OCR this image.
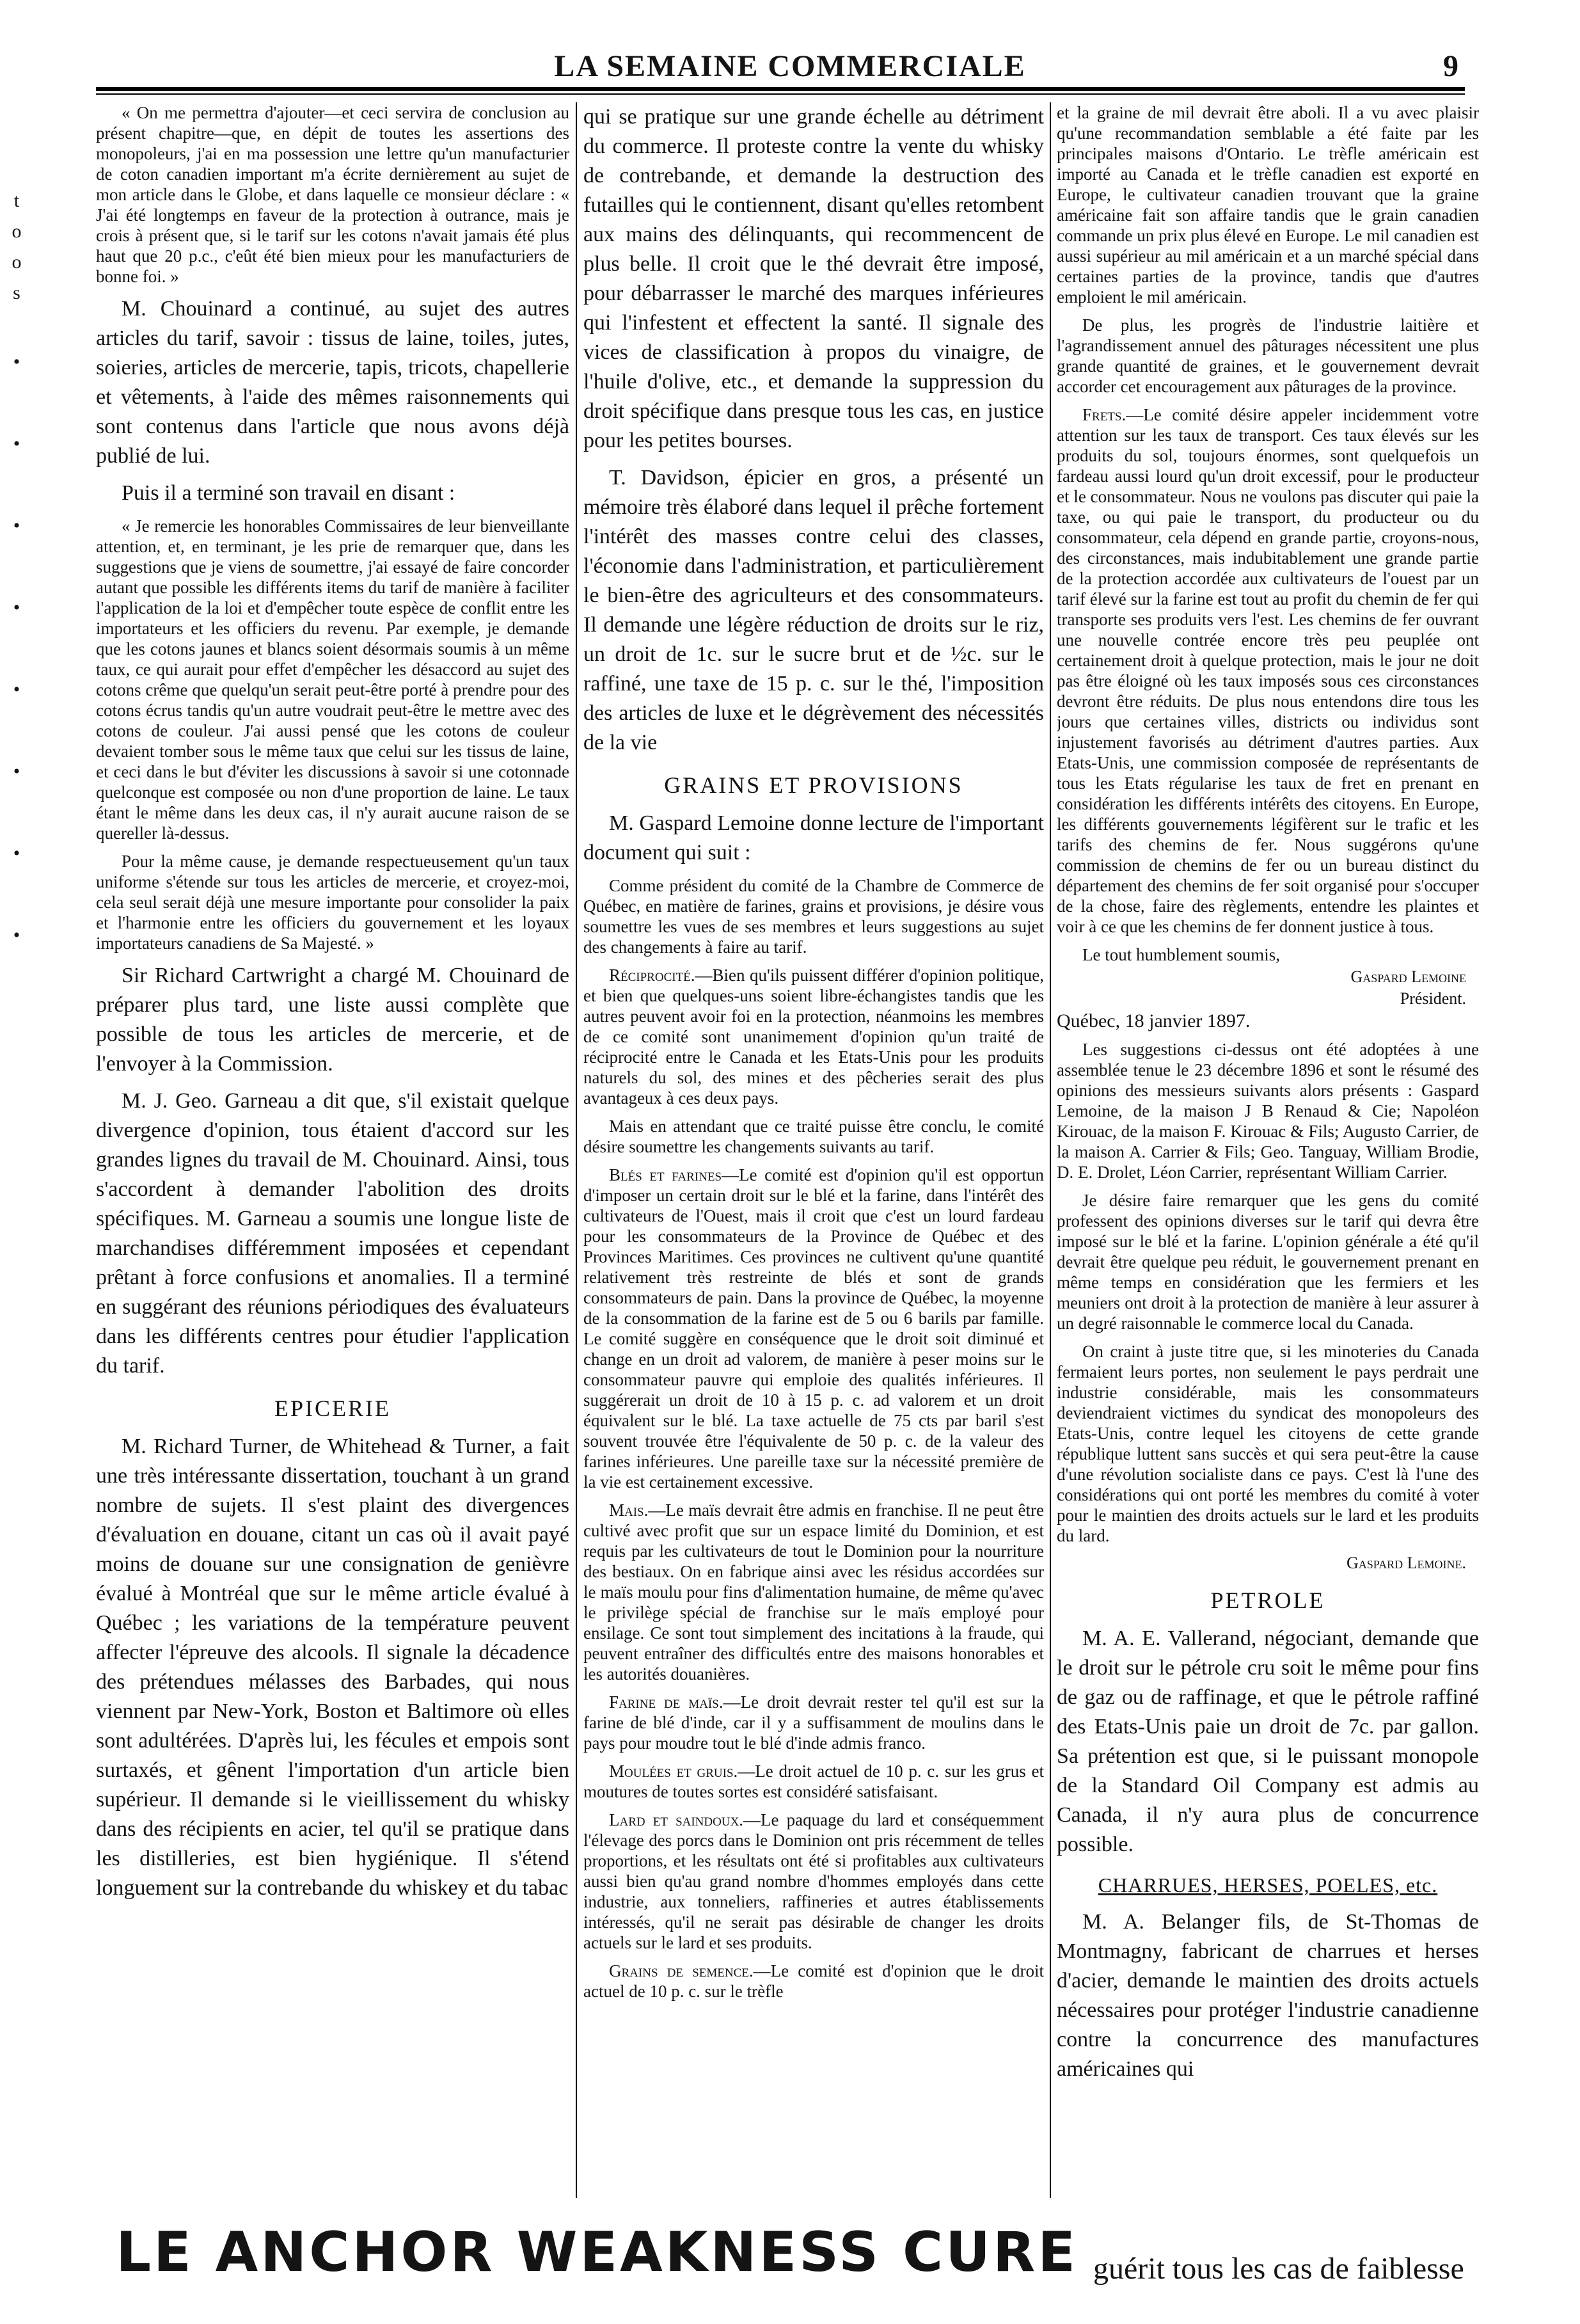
LA SEMAINE COMMERCIALE	9
t
o
o
s
•
•
•
•
•
•
•
•

« On me permettra d'ajouter—et ceci servira de conclusion au présent chapitre—que, en dépit de toutes les assertions des monopoleurs, j'ai en ma possession une lettre qu'un manufacturier de coton canadien important m'a écrite dernièrement au sujet de mon article dans le Globe, et dans laquelle ce monsieur déclare : « J'ai été longtemps en faveur de la protection à outrance, mais je crois à présent que, si le tarif sur les cotons n'avait jamais été plus haut que 20 p.c., c'eût été bien mieux pour les manufacturiers de bonne foi. »

M. Chouinard a continué, au sujet des autres articles du tarif, savoir : tissus de laine, toiles, jutes, soieries, articles de mercerie, tapis, tricots, chapellerie et vêtements, à l'aide des mêmes raisonnements qui sont contenus dans l'article que nous avons déjà publié de lui.

Puis il a terminé son travail en disant :

« Je remercie les honorables Commissaires de leur bienveillante attention, et, en terminant, je les prie de remarquer que, dans les suggestions que je viens de soumettre, j'ai essayé de faire concorder autant que possible les différents items du tarif de manière à faciliter l'application de la loi et d'empêcher toute espèce de conflit entre les importateurs et les officiers du revenu. Par exemple, je demande que les cotons jaunes et blancs soient désormais soumis à un même taux, ce qui aurait pour effet d'empêcher les désaccord au sujet des cotons crême que quelqu'un serait peut-être porté à prendre pour des cotons écrus tandis qu'un autre voudrait peut-être le mettre avec des cotons de couleur. J'ai aussi pensé que les cotons de couleur devaient tomber sous le même taux que celui sur les tissus de laine, et ceci dans le but d'éviter les discussions à savoir si une cotonnade quelconque est composée ou non d'une proportion de laine. Le taux étant le même dans les deux cas, il n'y aurait aucune raison de se quereller là-dessus.

Pour la même cause, je demande respectueusement qu'un taux uniforme s'étende sur tous les articles de mercerie, et croyez-moi, cela seul serait déjà une mesure importante pour consolider la paix et l'harmonie entre les officiers du gouvernement et les loyaux importateurs canadiens de Sa Majesté. »

Sir Richard Cartwright a chargé M. Chouinard de préparer plus tard, une liste aussi complète que possible de tous les articles de mercerie, et de l'envoyer à la Commission.

M. J. Geo. Garneau a dit que, s'il existait quelque divergence d'opinion, tous étaient d'accord sur les grandes lignes du travail de M. Chouinard. Ainsi, tous s'accordent à demander l'abolition des droits spécifiques. M. Garneau a soumis une longue liste de marchandises différemment imposées et cependant prêtant à force confusions et anomalies. Il a terminé en suggérant des réunions périodiques des évaluateurs dans les différents centres pour étudier l'application du tarif.

EPICERIE

M. Richard Turner, de Whitehead & Turner, a fait une très intéressante dissertation, touchant à un grand nombre de sujets. Il s'est plaint des divergences d'évaluation en douane, citant un cas où il avait payé moins de douane sur une consignation de genièvre évalué à Montréal que sur le même article évalué à Québec ; les variations de la température peuvent affecter l'épreuve des alcools. Il signale la décadence des prétendues mélasses des Barbades, qui nous viennent par New-York, Boston et Baltimore où elles sont adultérées. D'après lui, les fécules et empois sont surtaxés, et gênent l'importation d'un article bien supérieur. Il demande si le vieillissement du whisky dans des récipients en acier, tel qu'il se pratique dans les distilleries, est bien hygiénique. Il s'étend longuement sur la contrebande du whiskey et du tabac

qui se pratique sur une grande échelle au détriment du commerce. Il proteste contre la vente du whisky de contrebande, et demande la destruction des futailles qui le contiennent, disant qu'elles retombent aux mains des délinquants, qui recommencent de plus belle. Il croit que le thé devrait être imposé, pour débarrasser le marché des marques inférieures qui l'infestent et effectent la santé. Il signale des vices de classification à propos du vinaigre, de l'huile d'olive, etc., et demande la suppression du droit spécifique dans presque tous les cas, en justice pour les petites bourses.

T. Davidson, épicier en gros, a présenté un mémoire très élaboré dans lequel il prêche fortement l'intérêt des masses contre celui des classes, l'économie dans l'administration, et particulièrement le bien-être des agriculteurs et des consommateurs. Il demande une légère réduction de droits sur le riz, un droit de 1c. sur le sucre brut et de ½c. sur le raffiné, une taxe de 15 p. c. sur le thé, l'imposition des articles de luxe et le dégrèvement des nécessités de la vie

GRAINS ET PROVISIONS

M. Gaspard Lemoine donne lecture de l'important document qui suit :

Comme président du comité de la Chambre de Commerce de Québec, en matière de farines, grains et provisions, je désire vous soumettre les vues de ses membres et leurs suggestions au sujet des changements à faire au tarif.

Réciprocité.—Bien qu'ils puissent différer d'opinion politique, et bien que quelques-uns soient libre-échangistes tandis que les autres peuvent avoir foi en la protection, néanmoins les membres de ce comité sont unanimement d'opinion qu'un traité de réciprocité entre le Canada et les Etats-Unis pour les produits naturels du sol, des mines et des pêcheries serait des plus avantageux à ces deux pays.

Mais en attendant que ce traité puisse être conclu, le comité désire soumettre les changements suivants au tarif.

Blés et farines—Le comité est d'opinion qu'il est opportun d'imposer un certain droit sur le blé et la farine, dans l'intérêt des cultivateurs de l'Ouest, mais il croit que c'est un lourd fardeau pour les consommateurs de la Province de Québec et des Provinces Maritimes. Ces provinces ne cultivent qu'une quantité relativement très restreinte de blés et sont de grands consommateurs de pain. Dans la province de Québec, la moyenne de la consommation de la farine est de 5 ou 6 barils par famille. Le comité suggère en conséquence que le droit soit diminué et change en un droit ad valorem, de manière à peser moins sur le consommateur pauvre qui emploie des qualités inférieures. Il suggérerait un droit de 10 à 15 p. c. ad valorem et un droit équivalent sur le blé. La taxe actuelle de 75 cts par baril s'est souvent trouvée être l'équivalente de 50 p. c. de la valeur des farines inférieures. Une pareille taxe sur la nécessité première de la vie est certainement excessive.

Mais.—Le maïs devrait être admis en franchise. Il ne peut être cultivé avec profit que sur un espace limité du Dominion, et est requis par les cultivateurs de tout le Dominion pour la nourriture des bestiaux. On en fabrique ainsi avec les résidus accordées sur le maïs moulu pour fins d'alimentation humaine, de même qu'avec le privilège spécial de franchise sur le maïs employé pour ensilage. Ce sont tout simplement des incitations à la fraude, qui peuvent entraîner des difficultés entre des maisons honorables et les autorités douanières.

Farine de maïs.—Le droit devrait rester tel qu'il est sur la farine de blé d'inde, car il y a suffisamment de moulins dans le pays pour moudre tout le blé d'inde admis franco.

Moulées et gruis.—Le droit actuel de 10 p. c. sur les grus et moutures de toutes sortes est considéré satisfaisant.

Lard et saindoux.—Le paquage du lard et conséquemment l'élevage des porcs dans le Dominion ont pris récemment de telles proportions, et les résultats ont été si profitables aux cultivateurs aussi bien qu'au grand nombre d'hommes employés dans cette industrie, aux tonneliers, raffineries et autres établissements intéressés, qu'il ne serait pas désirable de changer les droits actuels sur le lard et ses produits.

Grains de semence.—Le comité est d'opinion que le droit actuel de 10 p. c. sur le trèfle

et la graine de mil devrait être aboli. Il a vu avec plaisir qu'une recommandation semblable a été faite par les principales maisons d'Ontario. Le trèfle américain est importé au Canada et le trèfle canadien est exporté en Europe, le cultivateur canadien trouvant que la graine américaine fait son affaire tandis que le grain canadien commande un prix plus élevé en Europe. Le mil canadien est aussi supérieur au mil américain et a un marché spécial dans certaines parties de la province, tandis que d'autres emploient le mil américain.

De plus, les progrès de l'industrie laitière et l'agrandissement annuel des pâturages nécessitent une plus grande quantité de graines, et le gouvernement devrait accorder cet encouragement aux pâturages de la province.

Frets.—Le comité désire appeler incidemment votre attention sur les taux de transport. Ces taux élevés sur les produits du sol, toujours énormes, sont quelquefois un fardeau aussi lourd qu'un droit excessif, pour le producteur et le consommateur. Nous ne voulons pas discuter qui paie la taxe, ou qui paie le transport, du producteur ou du consommateur, cela dépend en grande partie, croyons-nous, des circonstances, mais indubitablement une grande partie de la protection accordée aux cultivateurs de l'ouest par un tarif élevé sur la farine est tout au profit du chemin de fer qui transporte ses produits vers l'est. Les chemins de fer ouvrant une nouvelle contrée encore très peu peuplée ont certainement droit à quelque protection, mais le jour ne doit pas être éloigné où les taux imposés sous ces circonstances devront être réduits. De plus nous entendons dire tous les jours que certaines villes, districts ou individus sont injustement favorisés au détriment d'autres parties. Aux Etats-Unis, une commission composée de représentants de tous les Etats régularise les taux de fret en prenant en considération les différents intérêts des citoyens. En Europe, les différents gouvernements légifèrent sur le trafic et les tarifs des chemins de fer. Nous suggérons qu'une commission de chemins de fer ou un bureau distinct du département des chemins de fer soit organisé pour s'occuper de la chose, faire des règlements, entendre les plaintes et voir à ce que les chemins de fer donnent justice à tous.

Le tout humblement soumis,

Gaspard Lemoine
Président.

Québec, 18 janvier 1897.

Les suggestions ci-dessus ont été adoptées à une assemblée tenue le 23 décembre 1896 et sont le résumé des opinions des messieurs suivants alors présents : Gaspard Lemoine, de la maison J B Renaud & Cie; Napoléon Kirouac, de la maison F. Kirouac & Fils; Augusto Carrier, de la maison A. Carrier & Fils; Geo. Tanguay, William Brodie, D. E. Drolet, Léon Carrier, représentant William Carrier.

Je désire faire remarquer que les gens du comité professent des opinions diverses sur le tarif qui devra être imposé sur le blé et la farine. L'opinion générale a été qu'il devrait être quelque peu réduit, le gouvernement prenant en même temps en considération que les fermiers et les meuniers ont droit à la protection de manière à leur assurer à un degré raisonnable le commerce local du Canada.

On craint à juste titre que, si les minoteries du Canada fermaient leurs portes, non seulement le pays perdrait une industrie considérable, mais les consommateurs deviendraient victimes du syndicat des monopoleurs des Etats-Unis, contre lequel les citoyens de cette grande république luttent sans succès et qui sera peut-être la cause d'une révolution socialiste dans ce pays. C'est là l'une des considérations qui ont porté les membres du comité à voter pour le maintien des droits actuels sur le lard et les produits du lard.

Gaspard Lemoine.
PETROLE

M. A. E. Vallerand, négociant, demande que le droit sur le pétrole cru soit le même pour fins de gaz ou de raffinage, et que le pétrole raffiné des Etats-Unis paie un droit de 7c. par gallon. Sa prétention est que, si le puissant monopole de la Standard Oil Company est admis au Canada, il n'y aura plus de concurrence possible.

CHARRUES, HERSES, POELES, etc.

M. A. Belanger fils, de St-Thomas de Montmagny, fabricant de charrues et herses d'acier, demande le maintien des droits actuels nécessaires pour protéger l'industrie canadienne contre la concurrence des manufactures américaines qui

LE ANCHOR WEAKNESS CURE guérit tous les cas de faiblesse
